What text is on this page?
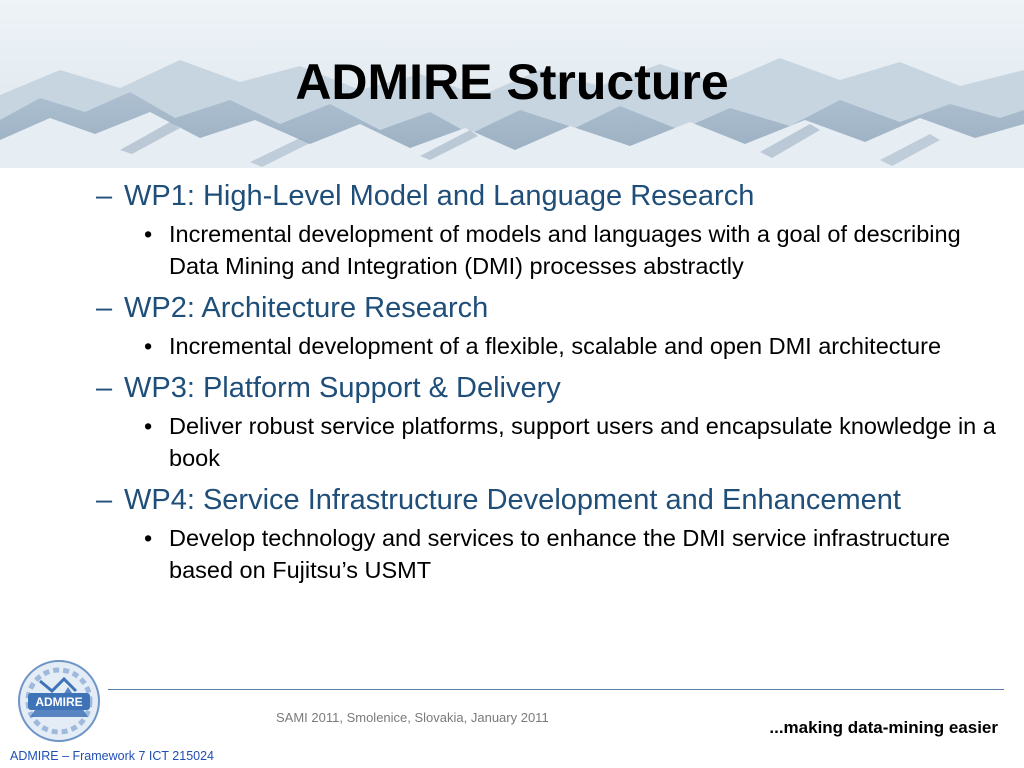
ADMIRE Structure
– WP1: High-Level Model and Language Research
• Incremental development of models and languages with a goal of describing Data Mining and Integration (DMI) processes abstractly
– WP2: Architecture Research
• Incremental development of a flexible, scalable and open DMI architecture
– WP3: Platform Support & Delivery
• Deliver robust service platforms, support users and encapsulate knowledge in a book
– WP4: Service Infrastructure Development and Enhancement
• Develop technology and services to enhance the DMI service infrastructure based on Fujitsu’s USMT
ADMIRE
SAMI 2011, Smolenice, Slovakia, January 2011
...making data-mining easier
ADMIRE – Framework 7 ICT 215024
